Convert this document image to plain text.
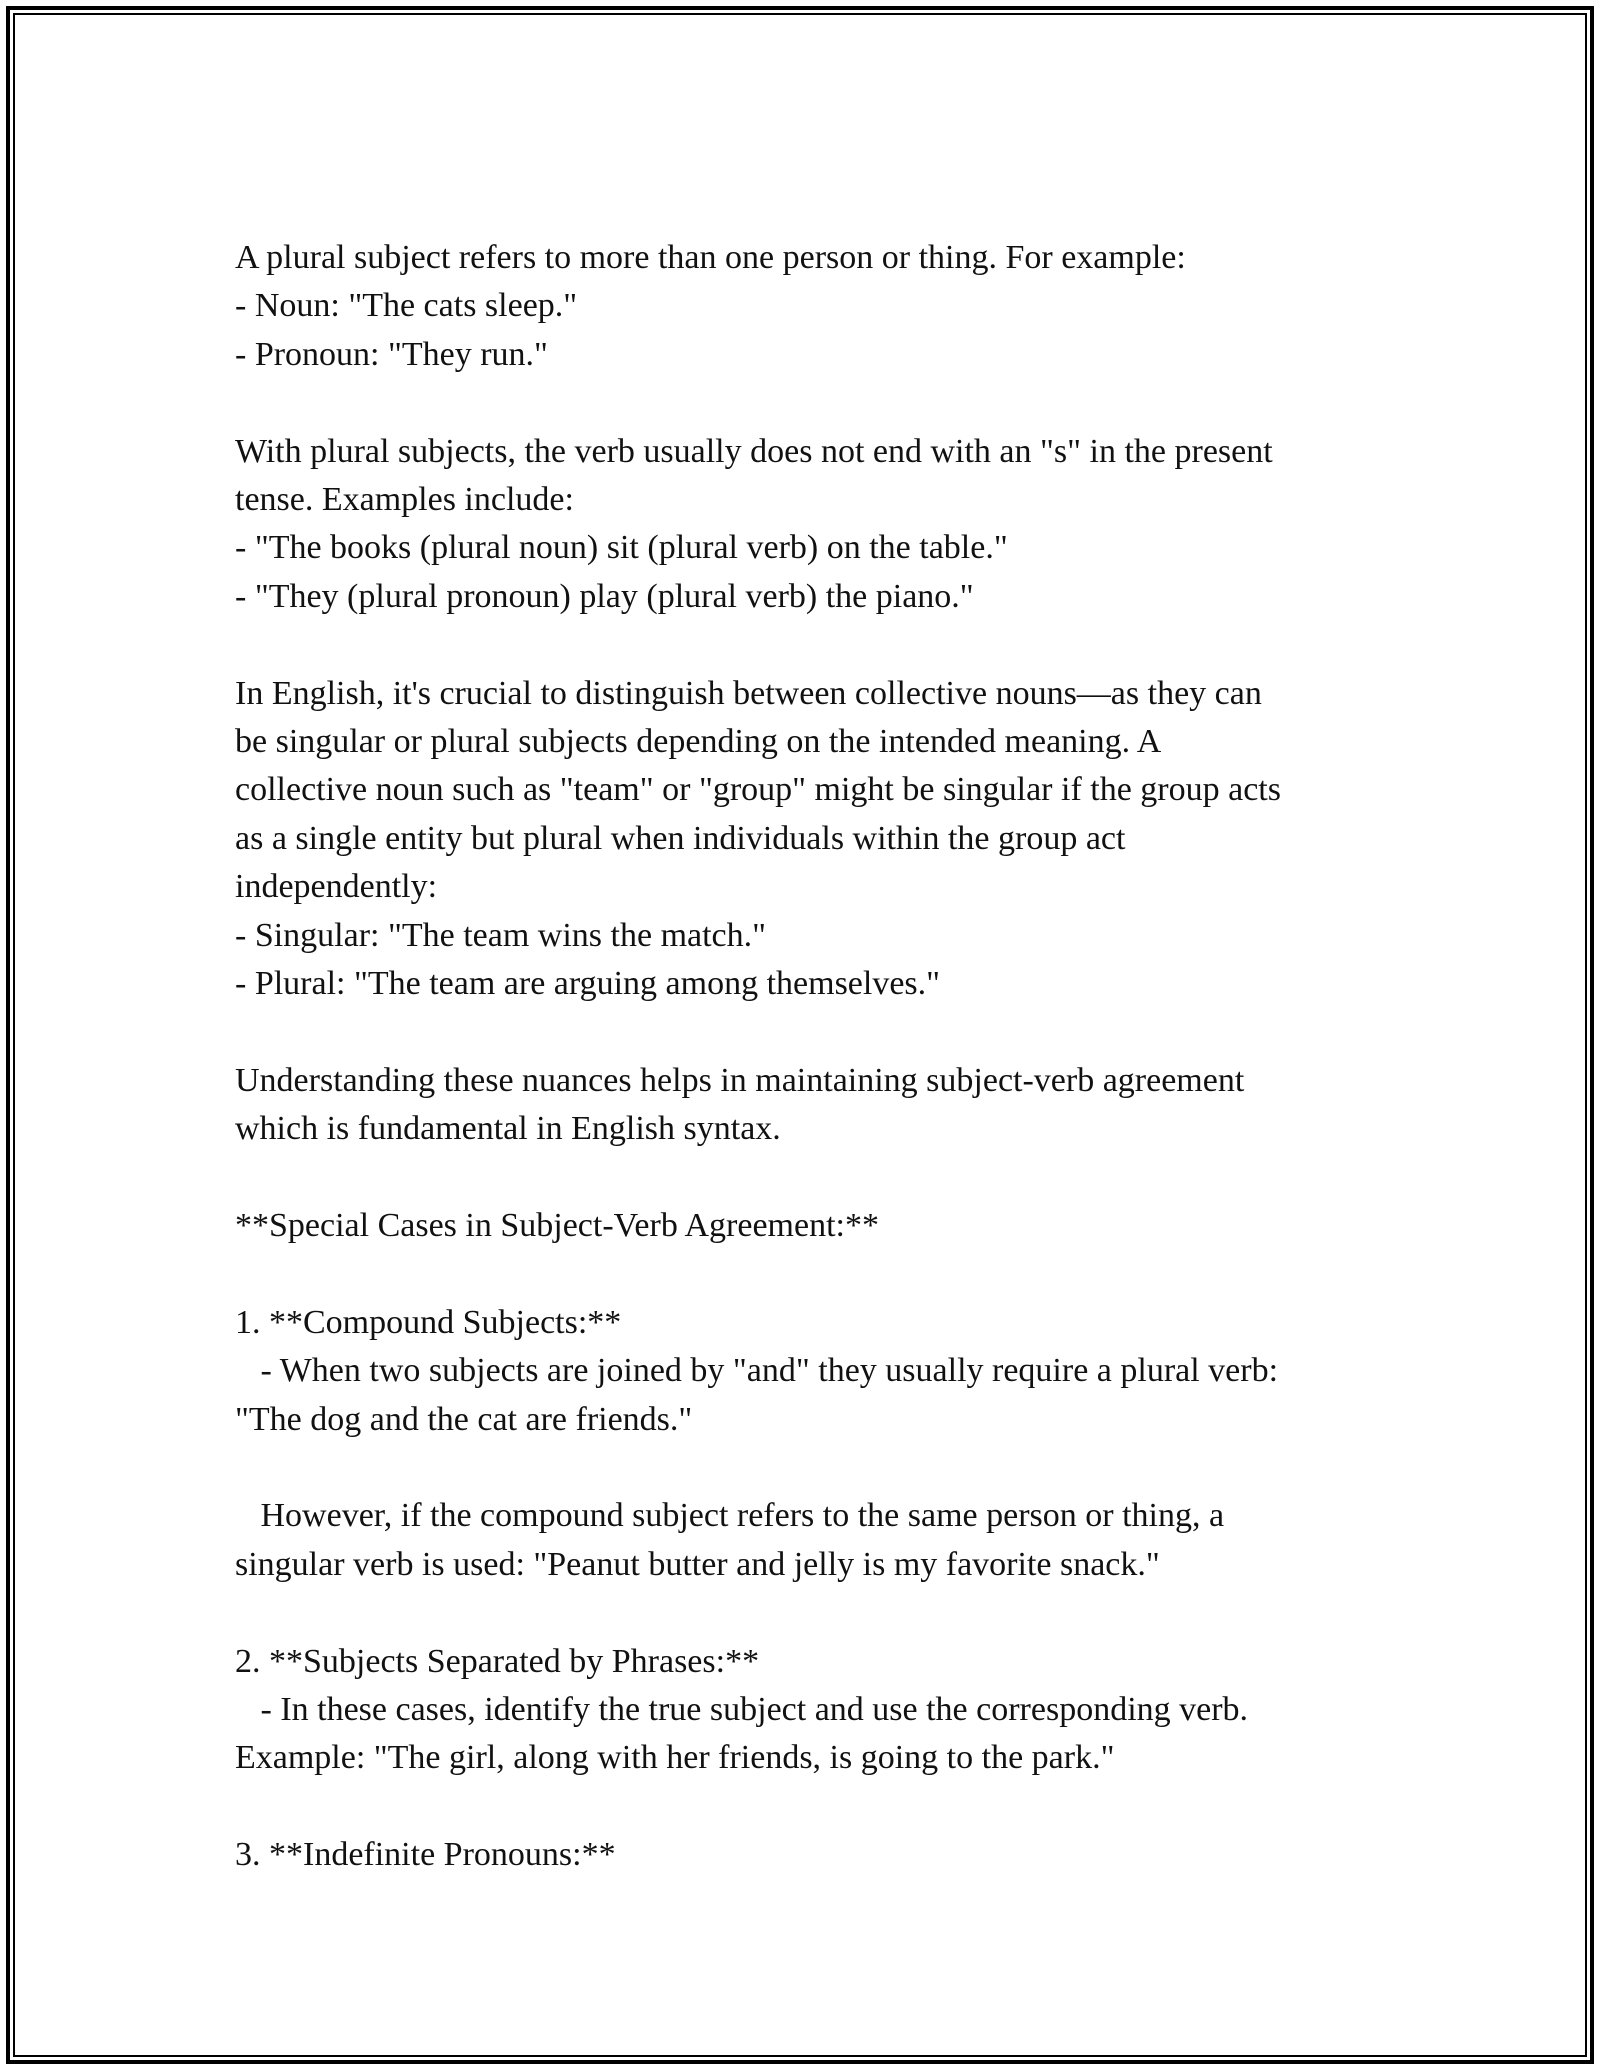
A plural subject refers to more than one person or thing. For example:
- Noun: "The cats sleep."
- Pronoun: "They run."
With plural subjects, the verb usually does not end with an "s" in the present
tense. Examples include:
- "The books (plural noun) sit (plural verb) on the table."
- "They (plural pronoun) play (plural verb) the piano."
In English, it's crucial to distinguish between collective nouns—as they can
be singular or plural subjects depending on the intended meaning. A
collective noun such as "team" or "group" might be singular if the group acts
as a single entity but plural when individuals within the group act
independently:
- Singular: "The team wins the match."
- Plural: "The team are arguing among themselves."
Understanding these nuances helps in maintaining subject-verb agreement
which is fundamental in English syntax.
**Special Cases in Subject-Verb Agreement:**
1. **Compound Subjects:**
- When two subjects are joined by "and" they usually require a plural verb:
"The dog and the cat are friends."
However, if the compound subject refers to the same person or thing, a
singular verb is used: "Peanut butter and jelly is my favorite snack."
2. **Subjects Separated by Phrases:**
- In these cases, identify the true subject and use the corresponding verb.
Example: "The girl, along with her friends, is going to the park."
3. **Indefinite Pronouns:**
